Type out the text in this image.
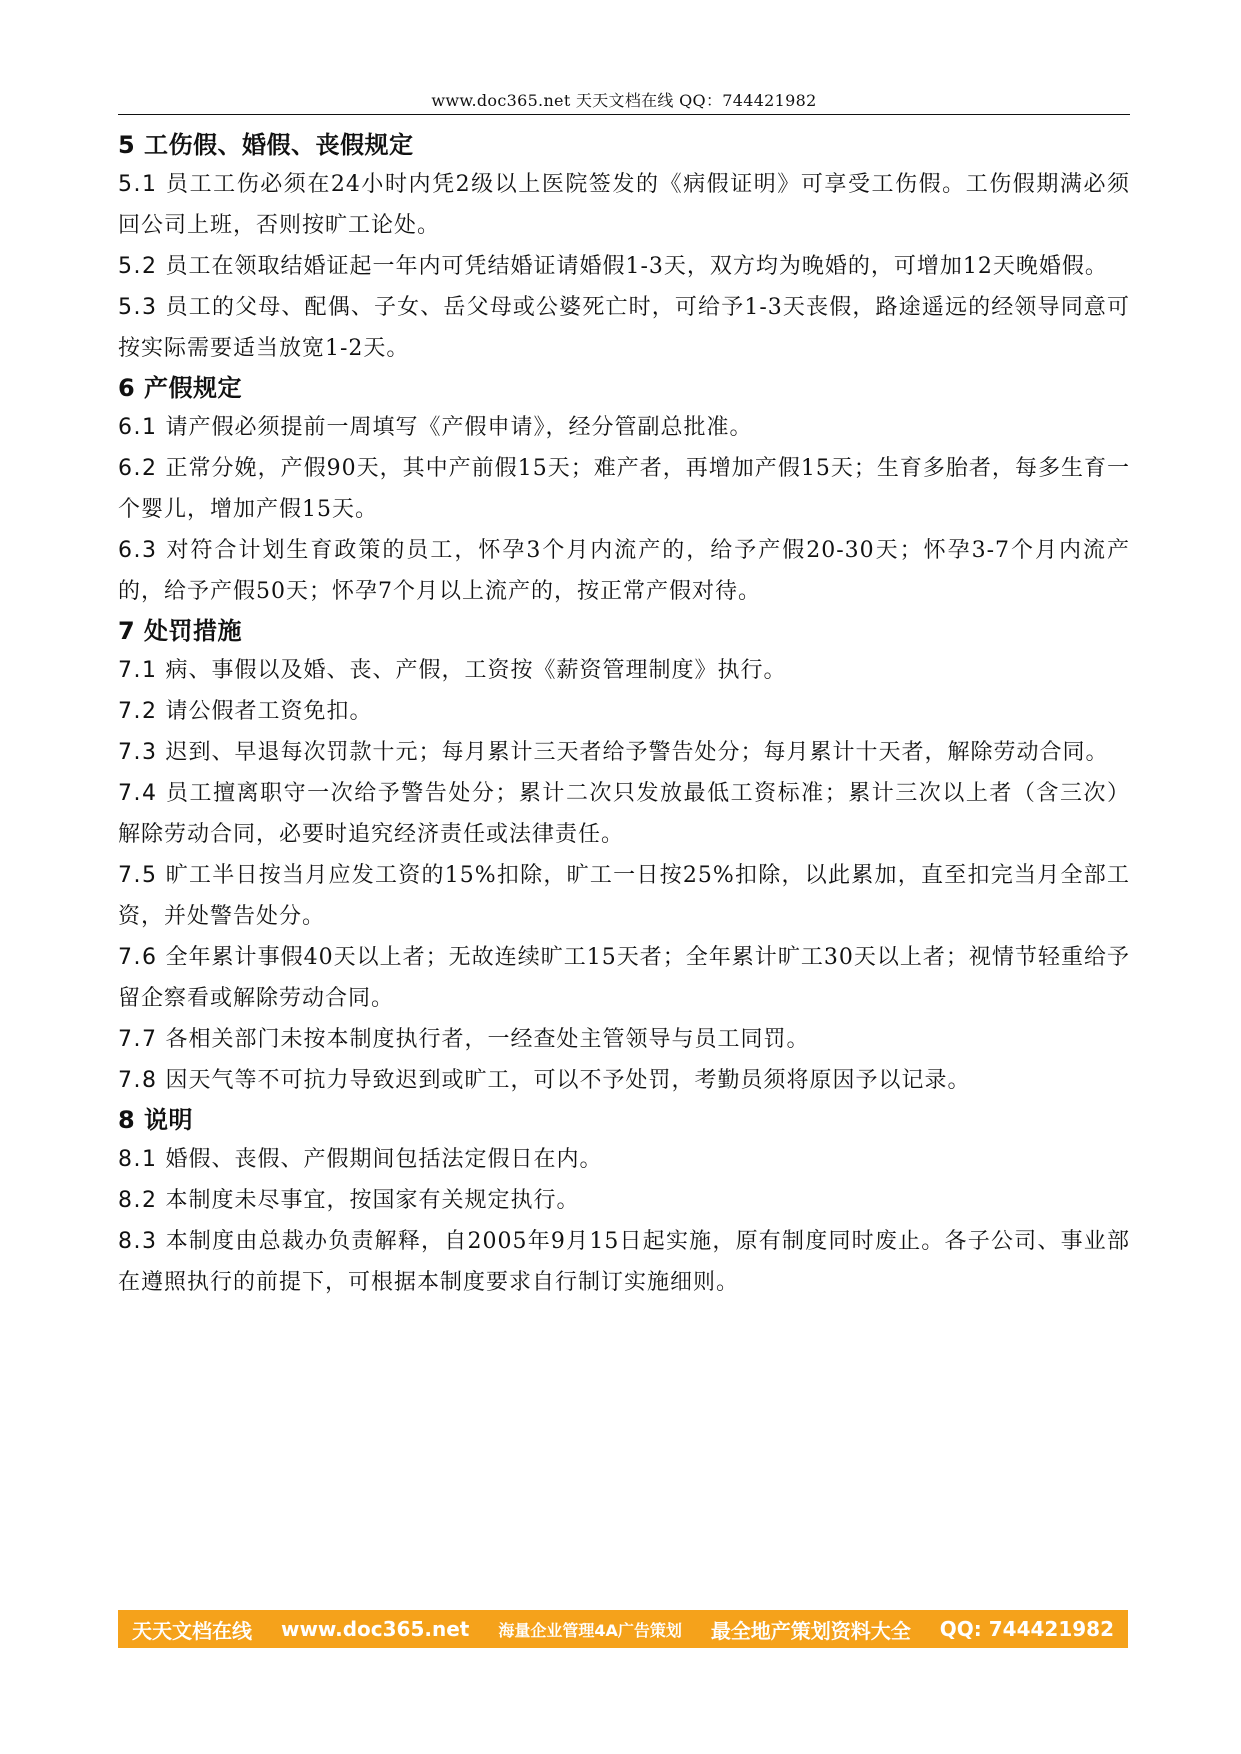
www.doc365.net 天天文档在线 QQ：744421982
5 工伤假、婚假、丧假规定

5.1 员工工伤必须在24小时内凭2级以上医院签发的《病假证明》可享受工伤假。工伤假期满必须回公司上班，否则按旷工论处。

5.2 员工在领取结婚证起一年内可凭结婚证请婚假1-3天，双方均为晚婚的，可增加12天晚婚假。

5.3 员工的父母、配偶、子女、岳父母或公婆死亡时，可给予1-3天丧假，路途遥远的经领导同意可按实际需要适当放宽1-2天。

6 产假规定

6.1 请产假必须提前一周填写《产假申请》，经分管副总批准。

6.2 正常分娩，产假90天，其中产前假15天；难产者，再增加产假15天；生育多胎者，每多生育一个婴儿，增加产假15天。

6.3 对符合计划生育政策的员工，怀孕3个月内流产的，给予产假20-30天；怀孕3-7个月内流产的，给予产假50天；怀孕7个月以上流产的，按正常产假对待。

7 处罚措施

7.1 病、事假以及婚、丧、产假，工资按《薪资管理制度》执行。

7.2 请公假者工资免扣。

7.3 迟到、早退每次罚款十元；每月累计三天者给予警告处分；每月累计十天者，解除劳动合同。

7.4 员工擅离职守一次给予警告处分；累计二次只发放最低工资标准；累计三次以上者（含三次）解除劳动合同，必要时追究经济责任或法律责任。

7.5 旷工半日按当月应发工资的15%扣除，旷工一日按25%扣除，以此累加，直至扣完当月全部工资，并处警告处分。

7.6 全年累计事假40天以上者；无故连续旷工15天者；全年累计旷工30天以上者；视情节轻重给予留企察看或解除劳动合同。

7.7 各相关部门未按本制度执行者，一经查处主管领导与员工同罚。

7.8 因天气等不可抗力导致迟到或旷工，可以不予处罚，考勤员须将原因予以记录。

8 说明

8.1 婚假、丧假、产假期间包括法定假日在内。

8.2 本制度未尽事宜，按国家有关规定执行。

8.3 本制度由总裁办负责解释，自2005年9月15日起实施，原有制度同时废止。各子公司、事业部在遵照执行的前提下，可根据本制度要求自行制订实施细则。

天天文档在线 www.doc365.net 海量企业管理4A广告策划 最全地产策划资料大全 QQ: 744421982
